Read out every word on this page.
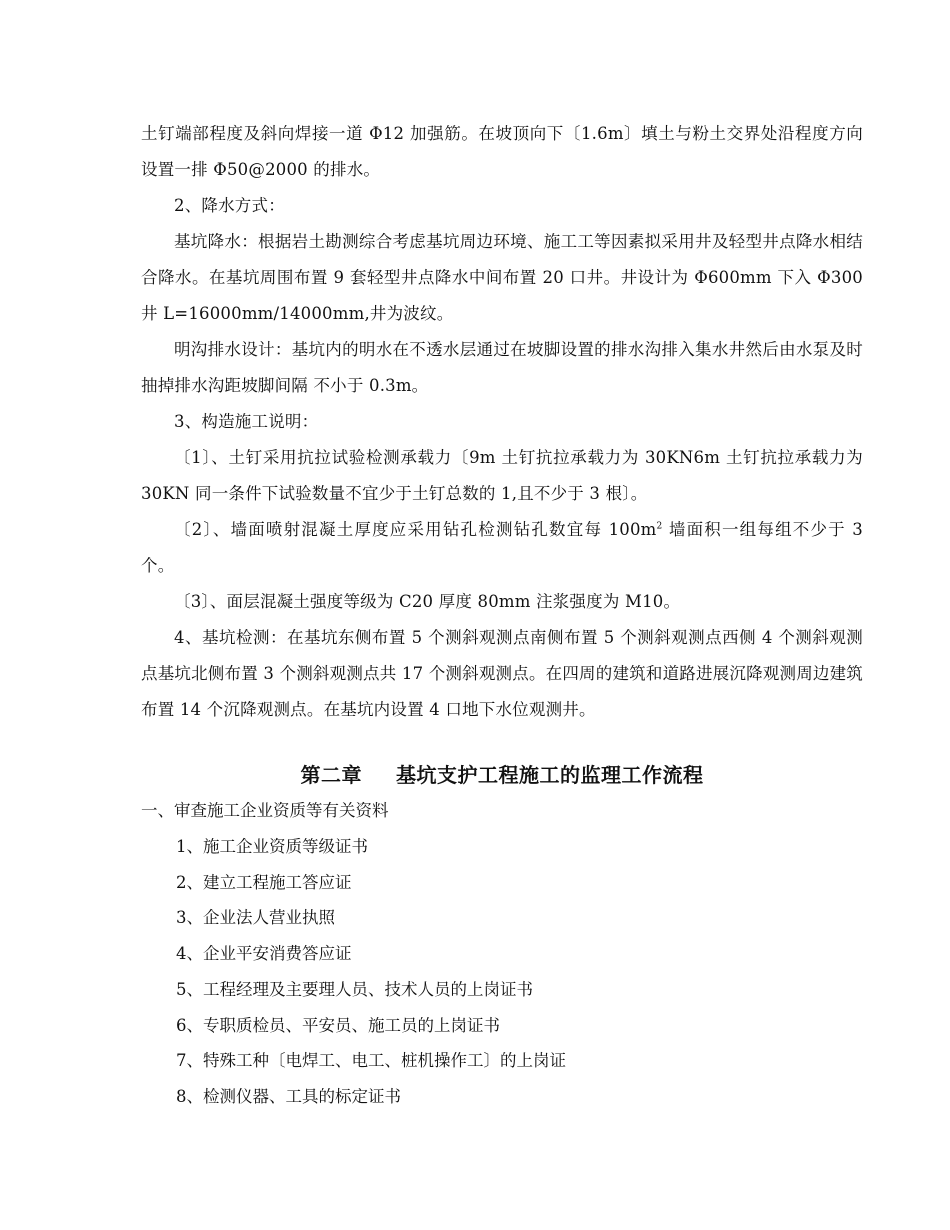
土钉端部程度及斜向焊接一道 Φ12 加强筋。在坡顶向下〔1.6m〕填土与粉土交界处沿程度方向设置一排 Φ50@2000 的排水。

2、降水方式：

基坑降水：根据岩土勘测综合考虑基坑周边环境、施工工等因素拟采用井及轻型井点降水相结合降水。在基坑周围布置 9 套轻型井点降水中间布置 20 口井。井设计为 Φ600mm 下入 Φ300 井 L=16000mm/14000mm,井为波纹。

明沟排水设计：基坑内的明水在不透水层通过在坡脚设置的排水沟排入集水井然后由水泵及时抽掉排水沟距坡脚间隔 不小于 0.3m。

3、构造施工说明：

〔1〕、土钉采用抗拉试验检测承载力〔9m 土钉抗拉承载力为 30KN6m 土钉抗拉承载力为 30KN 同一条件下试验数量不宜少于土钉总数的 1,且不少于 3 根〕。

〔2〕、墙面喷射混凝土厚度应采用钻孔检测钻孔数宜每 $100m^2$ 墙面积一组每组不少于 3 个。

〔3〕、面层混凝土强度等级为 C20 厚度 80mm 注浆强度为 M10。

4、基坑检测：在基坑东侧布置 5 个测斜观测点南侧布置 5 个测斜观测点西侧 4 个测斜观测点基坑北侧布置 3 个测斜观测点共 17 个测斜观测点。在四周的建筑和道路进展沉降观测周边建筑布置 14 个沉降观测点。在基坑内设置 4 口地下水位观测井。

第二章 基坑支护工程施工的监理工作流程
一、审查施工企业资质等有关资料
1、施工企业资质等级证书
2、建立工程施工答应证
3、企业法人营业执照
4、企业平安消费答应证
5、工程经理及主要理人员、技术人员的上岗证书
6、专职质检员、平安员、施工员的上岗证书
7、特殊工种〔电焊工、电工、桩机操作工〕的上岗证
8、检测仪器、工具的标定证书
